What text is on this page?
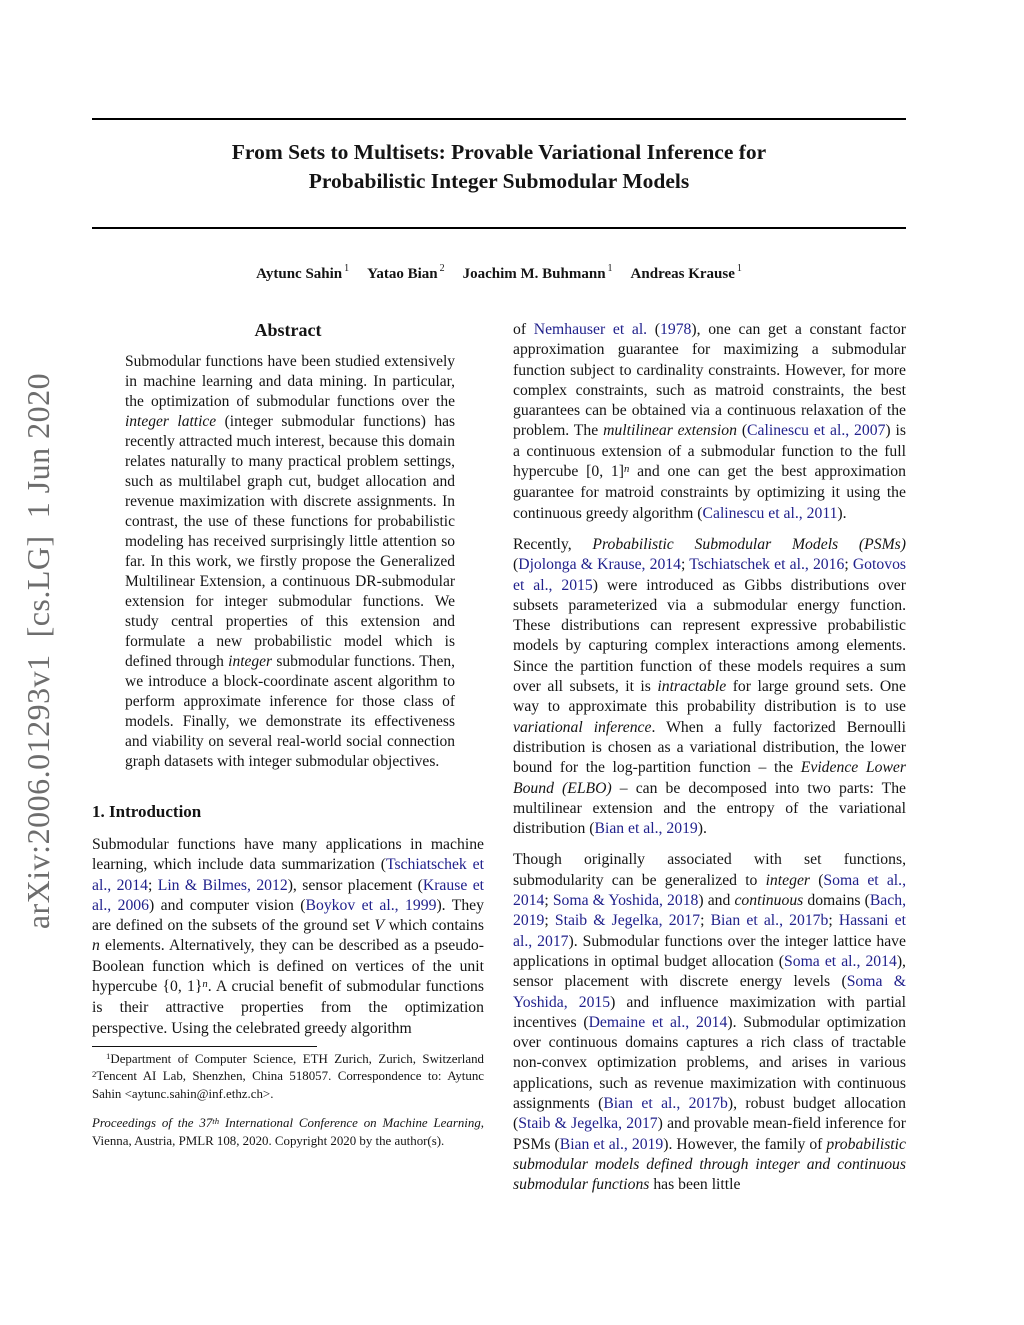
arXiv:2006.01293v1  [cs.LG]  1 Jun 2020
From Sets to Multisets: Provable Variational Inference for
Probabilistic Integer Submodular Models
Aytunc Sahin $^1$ Yatao Bian $^2$ Joachim M. Buhmann $^1$ Andreas Krause $^1$
Abstract
Submodular functions have been studied extensively in machine learning and data mining. In particular, the optimization of submodular functions over the integer lattice (integer submodular functions) has recently attracted much interest, because this domain relates naturally to many practical problem settings, such as multilabel graph cut, budget allocation and revenue maximization with discrete assignments. In contrast, the use of these functions for probabilistic modeling has received surprisingly little attention so far. In this work, we firstly propose the Generalized Multilinear Extension, a continuous DR-submodular extension for integer submodular functions. We study central properties of this extension and formulate a new probabilistic model which is defined through integer submodular functions. Then, we introduce a block-coordinate ascent algorithm to perform approximate inference for those class of models. Finally, we demonstrate its effectiveness and viability on several real-world social connection graph datasets with integer submodular objectives.
1. Introduction
Submodular functions have many applications in machine learning, which include data summarization (Tschiatschek et al., 2014; Lin & Bilmes, 2012), sensor placement (Krause et al., 2006) and computer vision (Boykov et al., 1999). They are defined on the subsets of the ground set V which contains n elements. Alternatively, they can be described as a pseudo-Boolean function which is defined on vertices of the unit hypercube {0, 1}$^n$. A crucial benefit of submodular functions is their attractive properties from the optimization perspective. Using the celebrated greedy algorithm
$^1$Department of Computer Science, ETH Zurich, Zurich, Switzerland $^2$Tencent AI Lab, Shenzhen, China 518057. Correspondence to: Aytunc Sahin <aytunc.sahin@inf.ethz.ch>.
Proceedings of the 37th International Conference on Machine Learning, Vienna, Austria, PMLR 108, 2020. Copyright 2020 by the author(s).
of Nemhauser et al. (1978), one can get a constant factor approximation guarantee for maximizing a submodular function subject to cardinality constraints. However, for more complex constraints, such as matroid constraints, the best guarantees can be obtained via a continuous relaxation of the problem. The multilinear extension (Calinescu et al., 2007) is a continuous extension of a submodular function to the full hypercube [0, 1]$^n$ and one can get the best approximation guarantee for matroid constraints by optimizing it using the continuous greedy algorithm (Calinescu et al., 2011).
Recently, Probabilistic Submodular Models (PSMs) (Djolonga & Krause, 2014; Tschiatschek et al., 2016; Gotovos et al., 2015) were introduced as Gibbs distributions over subsets parameterized via a submodular energy function. These distributions can represent expressive probabilistic models by capturing complex interactions among elements. Since the partition function of these models requires a sum over all subsets, it is intractable for large ground sets. One way to approximate this probability distribution is to use variational inference. When a fully factorized Bernoulli distribution is chosen as a variational distribution, the lower bound for the log-partition function – the Evidence Lower Bound (ELBO) – can be decomposed into two parts: The multilinear extension and the entropy of the variational distribution (Bian et al., 2019).
Though originally associated with set functions, submodularity can be generalized to integer (Soma et al., 2014; Soma & Yoshida, 2018) and continuous domains (Bach, 2019; Staib & Jegelka, 2017; Bian et al., 2017b; Hassani et al., 2017). Submodular functions over the integer lattice have applications in optimal budget allocation (Soma et al., 2014), sensor placement with discrete energy levels (Soma & Yoshida, 2015) and influence maximization with partial incentives (Demaine et al., 2014). Submodular optimization over continuous domains captures a rich class of tractable non-convex optimization problems, and arises in various applications, such as revenue maximization with continuous assignments (Bian et al., 2017b), robust budget allocation (Staib & Jegelka, 2017) and provable mean-field inference for PSMs (Bian et al., 2019). However, the family of probabilistic submodular models defined through integer and continuous submodular functions has been little
